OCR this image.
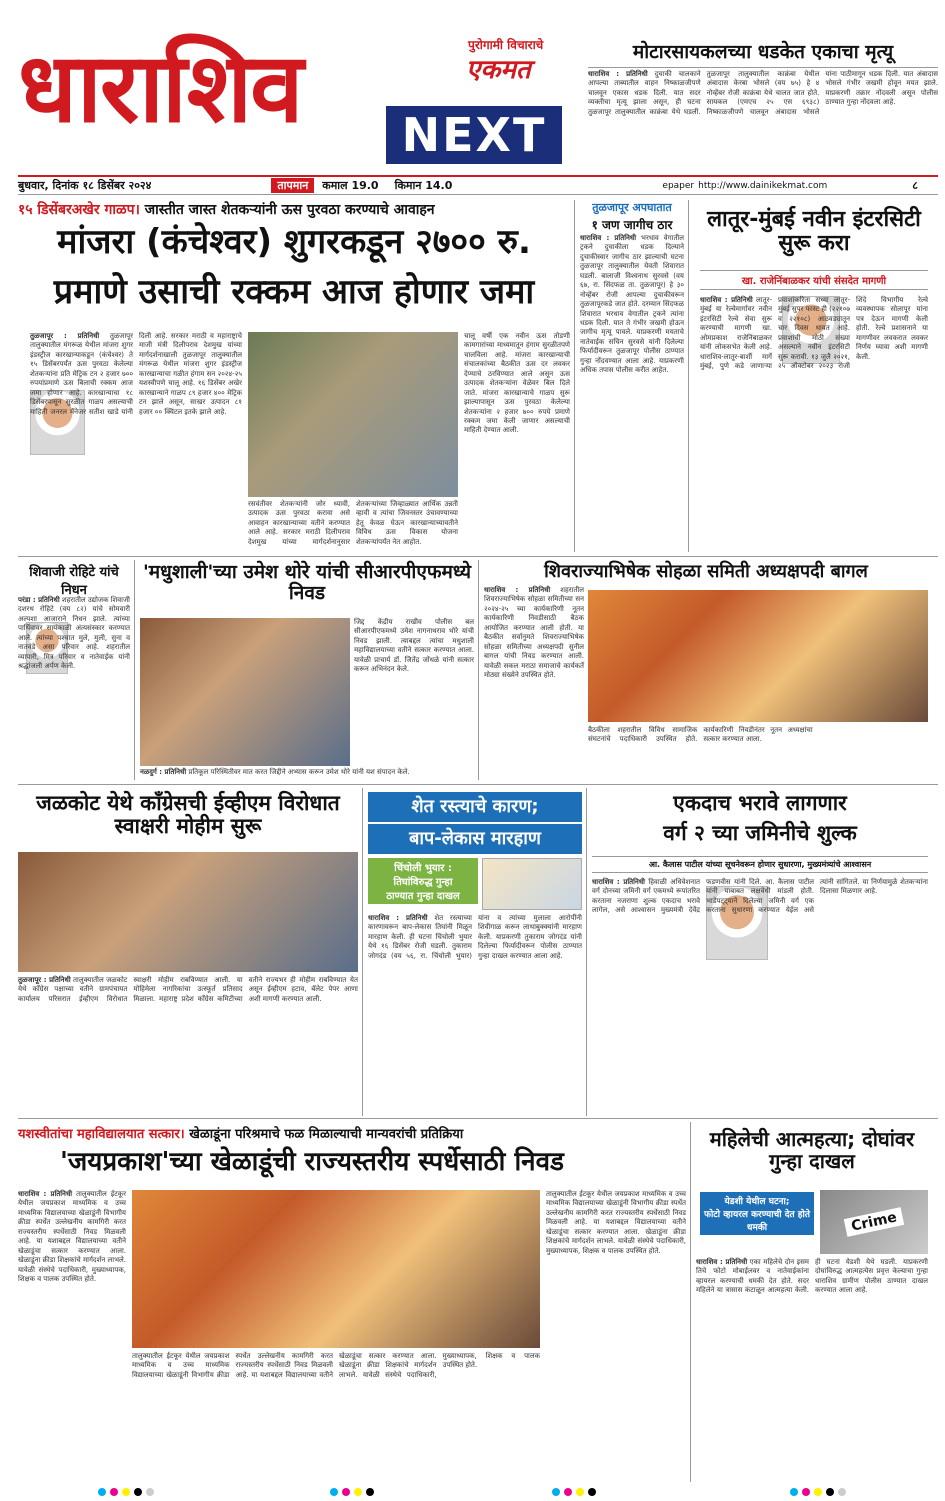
धाराशिव	पुरोगामी विचाराचे
एकमत
NEXT
मोटारसायकलच्या धडकेत एकाचा मृत्यू
धाराशिव : प्रतिनिधी दुचाकी चालकाने आपल्या ताब्यातील वाहन निष्काळजीपणे चालवून एकास धडक दिली. यात सदर व्यक्तीचा मृत्यू झाला असून, ही घटना तुळजापूर तालुक्यातील काक्रंबा येथे घडली. तुळजापूर तालुक्यातील काक्रंबा येथील अंबादास केरबा भोसले (वय ७५) हे ४ नोव्हेंबर रोजी काक्रंबा येथे चालत जात होते. सायकल (एमएच २५ एस ६९३८) निष्काळजीपणे चालवून अंबादास भोसले यांना पाठीमागून धडक दिली. यात अंबादास भोसले गंभीर जखमी होवून मयत झाले. याप्रकरणी तक्रार नोंदवली असून पोलीस ठाण्यात गुन्हा नोंदवला आहे.
बुधवार, दिनांक १८ डिसेंबर २०२४	तापमान	कमाल 19.0 किमान 14.0	epaper http://www.dainikekmat.com	८
१५ डिसेंबरअखेर गाळप। जास्तीत जास्त शेतकऱ्यांनी ऊस पुरवठा करण्याचे आवाहन
मांजरा (कंचेश्वर) शुगरकडून २७०० रु.
प्रमाणे उसाची रक्कम आज होणार जमा
तुळजापूर : प्रतिनिधी तुळजापूर तालुक्यातील मंगरूळ येथील मांजरा शुगर इंडस्ट्रीज कारखान्याकडून (कंचेश्वर) ते १५ डिसेंबरपर्यंत ऊस पुरवठा केलेल्या शेतकऱ्यांना प्रति मेट्रिक टन २ हजार ७०० रुपयांप्रमाणे ऊस बिलाची रक्कम आज जमा होणार आहे. कारखान्याचा १८ डिसेंबरपासून सुरळीत गाळप असल्याची माहिती जनरल मॅनेजर सतीश खाडे यांनी दिली आहे. सरकार मराठी व महाराष्ट्राचे माजी मंत्री दिलीपराव देशमुख यांच्या मार्गदर्शनाखाली तुळजापूर तालुक्यातील मंगरूळ येथील मांजरा शुगर इंडस्ट्रीज कारखान्याचा गळीत हंगाम सन २०२४-२५ यशस्वीपणे चालू आहे. १६ डिसेंबर अखेर कारखान्याने गाळप ८९ हजार ४०० मेट्रिक टन झाले असून, साखर उत्पादन ८१ हजार ०० क्विंटल इतके झाले आहे.
रसवंतीवर शेतकऱ्यांनी जोर ध्यावी, उत्पादक ऊस पुरवठा करावा असे आवाहन कारखान्याच्या वतीने करण्यात आले आहे. सरकार मराठी दिलीपराव देशमुख यांच्या मार्गदर्शनानुसार शेतकऱ्यांच्या जिव्हाळ्यात आर्थिक उन्नती व्हावी व त्यांचा जिवनस्तर उंचावण्याच्या हेतू केवळ घेऊन कारखान्याच्यावतीने विविध ऊस विकास योजना शेतकऱ्यांपर्यंत नेत आहोत.
चालू वर्षी एक नवीन ऊस तोडणी कामगारांच्या माध्यमातून हंगाम सुरळीतपणे चालविला आहे. मांजरा कारखान्याची संचालकांच्या बैठकीत ऊस दर लवकर देण्याचे ठरविण्यात आले असून ऊस उत्पादक शेतकऱ्यांना वेळेवर बिल दिले जाते. मांजरा कारखान्याचे गाळप सुरू झाल्यापासून ऊस पुरवठा केलेल्या शेतकऱ्यांना २ हजार ७०० रुपये प्रमाणे रक्कम जमा केली जाणार असल्याची माहिती देण्यात आली.
तुळजापूर अपघातात
१ जण जागीच ठार
धाराशिव : प्रतिनिधी भरधाव वेगातील ट्रकने दुचाकीला धडक दिल्याने दुचाकीस्वार जागीच ठार झाल्याची घटना तुळजापूर तालुक्यातील येवती शिवारात घडली. बालाजी विश्वनाथ सुरवसे (वय ६७, रा. सिंदफळ ता. तुळजापूर) हे ३० नोव्हेंबर रोजी आपल्या दुचाकीवरून तुळजापूरकडे जात होते. दरम्यान सिंदफळ शिवारात भरधाव वेगातील ट्रकने त्यांना धडक दिली. यात ते गंभीर जखमी होऊन जागीच मृत्यू पावले. याप्रकरणी मयताचे नातेवाईक सचिन सुरवसे यांनी दिलेल्या फिर्यादीवरून तुळजापूर पोलीस ठाण्यात गुन्हा नोंदवण्यात आला आहे. याप्रकरणी अधिक तपास पोलीस करीत आहेत.
लातूर-मुंबई नवीन इंटरसिटी सुरू करा
खा. राजेनिंबाळकर यांची संसदेत मागणी
धाराशिव : प्रतिनिधी लातूर-मुंबई या रेल्वेमार्गावर नवीन इंटरसिटी रेल्वे सेवा सुरू करण्याची मागणी खा. ओमप्रकाश राजेनिंबाळकर यांनी लोकसभेत केली आहे. धाराशिव-लातूर-बार्शी मार्गे मुंबई, पुणे कडे जाणाऱ्या प्रवाशांकरिता सध्या लातूर-मुंबई सुपर फास्ट ही (२२१०७ व २२१०८) आठवड्यातून चार दिवस धावत आहे. प्रवाशांची मोठी संख्या असल्याने नवीन इंटरसिटी सुरू करावी. १३ जुलै २०२१, २५ ऑक्टोबर २०२३ रोजी शिंदे विभागीय रेल्वे व्यवस्थापक सोलापूर यांना पत्र देऊन मागणी केली होती. रेल्वे प्रशासनाने या मागणीवर लवकरात लवकर निर्णय घ्यावा अशी मागणी केली.
शिवाजी रोहिटे यांचे निधन
परंडा : प्रतिनिधी शहरातील उद्योजक शिवाजी दशरथ रोहिटे (वय ८२) यांचे सोमवारी अल्पशा आजाराने निधन झाले. त्यांच्या पार्थिवावर सायंकाळी अंत्यसंस्कार करण्यात आले. त्यांच्या पश्चात मुले, मुली, सुना व नातवंडे असा परिवार आहे. शहरातील व्यापारी, मित्र परिवार व नातेवाईक यांनी श्रद्धांजली अर्पण केली.
'मधुशाली'च्या उमेश थोरे यांची सीआरपीएफमध्ये निवड
नळदुर्ग : प्रतिनिधी प्रतिकूल परिस्थितीवर मात करत जिद्दीने अभ्यास करून उमेश थोरे यांनी यश संपादन केले.
जिद्द केंद्रीय राखीव पोलीस बल सीआरपीएफमध्ये उमेश नागनाथराव थोरे यांची निवड झाली. त्याबद्दल त्यांचा मधुशाली महाविद्यालयाच्या वतीने सत्कार करण्यात आला. यावेळी प्राचार्य डॉ. जितेंद्र जोंधळे यांनी सत्कार करून अभिनंदन केले.
शिवराज्याभिषेक सोहळा समिती अध्यक्षपदी बागल
धाराशिव : प्रतिनिधी शहरातील शिवराज्याभिषेक सोहळा समितीच्या सन २०२४-२५ च्या कार्यकारिणी नूतन कार्यकारिणी निवडीसाठी बैठक आयोजित करण्यात आली होती. या बैठकीत सर्वानुमते शिवराज्याभिषेक सोहळा समितीच्या अध्यक्षपदी सुनील बागल यांची निवड करण्यात आली. यावेळी सकल मराठा समाजाचे कार्यकर्ते मोठ्या संख्येने उपस्थित होते.
बैठकीला शहरातील विविध सामाजिक संघटनांचे पदाधिकारी उपस्थित होते. कार्यकारिणी निवडीनंतर नूतन अध्यक्षांचा सत्कार करण्यात आला.
जळकोट येथे काँग्रेसची ईव्हीएम विरोधात स्वाक्षरी मोहीम सुरू
तुळजापूर : प्रतिनिधी तालुक्यातील जळकोट येथे काँग्रेस पक्षाच्या वतीने ग्रामपंचायत कार्यालय परिसरात ईव्हीएम विरोधात स्वाक्षरी मोहीम राबविण्यात आली. या मोहिमेला नागरिकांचा उत्स्फूर्त प्रतिसाद मिळाला. महाराष्ट्र प्रदेश काँग्रेस कमिटीच्या वतीने राज्यभर ही मोहीम राबविण्यात येत असून ईव्हीएम हटाव, बॅलेट पेपर आणा अशी मागणी करण्यात आली.
शेत रस्त्याचे कारण;
बाप-लेकास मारहाण
चिंचोली भुयार :
तिघांविरुद्ध गुन्हा
ठाण्यात गुन्हा दाखल
धाराशिव : प्रतिनिधी शेत रस्त्याच्या कारणावरून बाप-लेकास तिघांनी मिळून मारहाण केली. ही घटना चिंचोली भुयार येथे १६ डिसेंबर रोजी घडली. तुकाराम जोगदंड (वय ५६, रा. चिंचोली भुयार) यांना व त्यांच्या मुलाला आरोपींनी शिवीगाळ करून लाथाबुक्क्यांनी मारहाण केली. याप्रकरणी तुकाराम जोगदंड यांनी दिलेल्या फिर्यादीवरून पोलीस ठाण्यात गुन्हा दाखल करण्यात आला आहे.
एकदाच भरावे लागणार
वर्ग २ च्या जमिनीचे शुल्क
आ. कैलास पाटील यांच्या सूचनेवरून होणार सुधारणा, मुख्यमंत्र्यांचे आश्वासन
धाराशिव : प्रतिनिधी हिवाळी अधिवेशनात वर्ग दोनच्या जमिनी वर्ग एकमध्ये रूपांतरित करताना नजराणा शुल्क एकदाच भरावे लागेल, असे आश्वासन मुख्यमंत्री देवेंद्र फडणवीस यांनी दिले. आ. कैलास पाटील यांनी याबाबत लक्षवेधी मांडली होती. भाडेपट्ट्याने दिलेल्या जमिनी वर्ग एक करताना सुधारणा करण्यात येईल असे त्यांनी सांगितले. या निर्णयामुळे शेतकऱ्यांना दिलासा मिळणार आहे.
यशस्वीतांचा महाविद्यालयात सत्कार। खेळाडूंना परिश्रमाचे फळ मिळाल्याची मान्यवरांची प्रतिक्रिया
'जयप्रकाश'च्या खेळाडूंची राज्यस्तरीय स्पर्धेसाठी निवड
धाराशिव : प्रतिनिधी तालुक्यातील ईटकूर येथील जयप्रकाश माध्यमिक व उच्च माध्यमिक विद्यालयाच्या खेळाडूंनी विभागीय क्रीडा स्पर्धेत उल्लेखनीय कामगिरी करत राज्यस्तरीय स्पर्धेसाठी निवड मिळवली आहे. या यशाबद्दल विद्यालयाच्या वतीने खेळाडूंचा सत्कार करण्यात आला. खेळाडूंना क्रीडा शिक्षकांचे मार्गदर्शन लाभले. यावेळी संस्थेचे पदाधिकारी, मुख्याध्यापक, शिक्षक व पालक उपस्थित होते.
तालुक्यातील ईटकूर येथील जयप्रकाश माध्यमिक व उच्च माध्यमिक विद्यालयाच्या खेळाडूंनी विभागीय क्रीडा स्पर्धेत उल्लेखनीय कामगिरी करत राज्यस्तरीय स्पर्धेसाठी निवड मिळवली आहे. या यशाबद्दल विद्यालयाच्या वतीने खेळाडूंचा सत्कार करण्यात आला. खेळाडूंना क्रीडा शिक्षकांचे मार्गदर्शन लाभले. यावेळी संस्थेचे पदाधिकारी, मुख्याध्यापक, शिक्षक व पालक उपस्थित होते.
तालुक्यातील ईटकूर येथील जयप्रकाश माध्यमिक व उच्च माध्यमिक विद्यालयाच्या खेळाडूंनी विभागीय क्रीडा स्पर्धेत उल्लेखनीय कामगिरी करत राज्यस्तरीय स्पर्धेसाठी निवड मिळवली आहे. या यशाबद्दल विद्यालयाच्या वतीने खेळाडूंचा सत्कार करण्यात आला. खेळाडूंना क्रीडा शिक्षकांचे मार्गदर्शन लाभले. यावेळी संस्थेचे पदाधिकारी, मुख्याध्यापक, शिक्षक व पालक उपस्थित होते.
महिलेची आत्महत्या; दोघांवर गुन्हा दाखल
येडशी येथील घटना;
फोटो व्हायरल करण्याची देत होते धमकी	Crime
धाराशिव : प्रतिनिधी एका महिलेचे दोन इसम तिचे फोटो मोबाईलवर व नातेवाईकांना व्हायरल करण्याची धमकी देत होते. सदर महिलेने या त्रासास कंटाळून आत्महत्या केली. ही घटना येडशी येथे घडली. याप्रकरणी दोघांविरुद्ध आत्महत्येस प्रवृत्त केल्याचा गुन्हा धाराशिव ग्रामीण पोलीस ठाण्यात दाखल करण्यात आला आहे.
